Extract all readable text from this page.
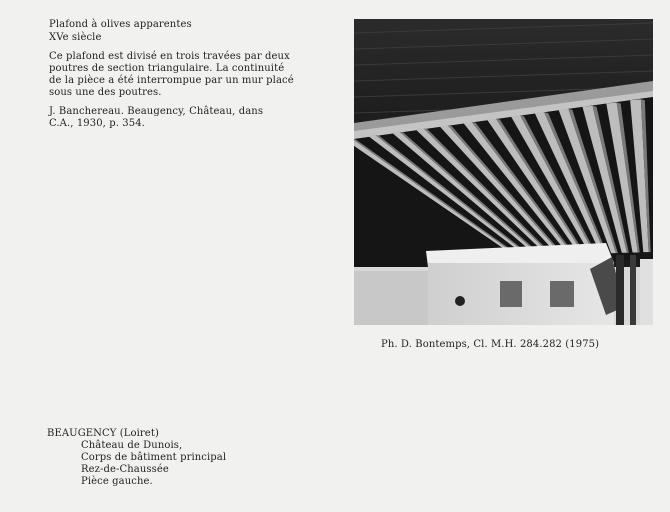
Plafond à olives apparentes
XVe siècle
Ce plafond est divisé en trois travées par deux
poutres de section triangulaire. La continuité
de la pièce a été interrompue par un mur placé
sous une des poutres.
J. Banchereau. Beaugency, Château, dans
C.A., 1930, p. 354.
Ph. D. Bontemps, Cl. M.H. 284.282 (1975)
BEAUGENCY (Loiret)
Château de Dunois,
Corps de bâtiment principal
Rez-de-Chaussée
Pièce gauche.
